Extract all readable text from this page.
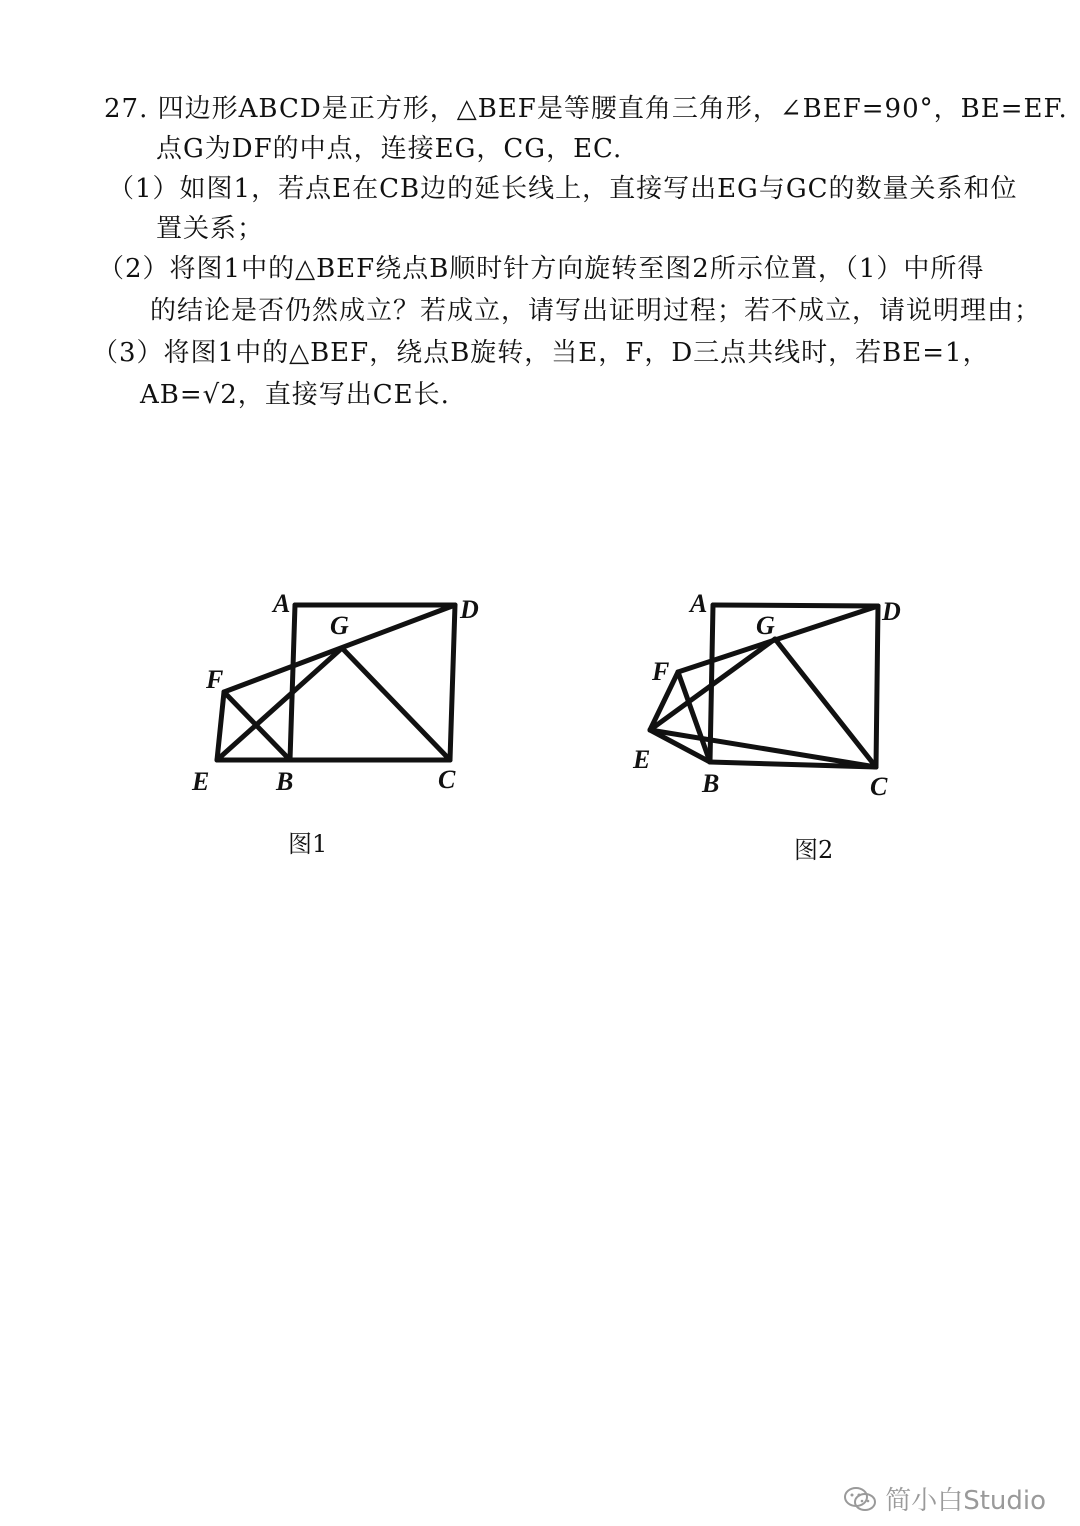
27. 四边形ABCD是正方形，△BEF是等腰直角三角形，∠BEF=90°，BE=EF.
点G为DF的中点，连接EG，CG，EC.
（1）如图1，若点E在CB边的延长线上，直接写出EG与GC的数量关系和位
置关系；
（2）将图1中的△BEF绕点B顺时针方向旋转至图2所示位置，（1）中所得
的结论是否仍然成立？若成立，请写出证明过程；若不成立，请说明理由；
（3）将图1中的△BEF，绕点B旋转，当E，F，D三点共线时，若BE=1，
AB=√2，直接写出CE长.
A	D
G
F
E	B	C
图1
A	D
G
F
E
B	C
图2
简小白Studio
